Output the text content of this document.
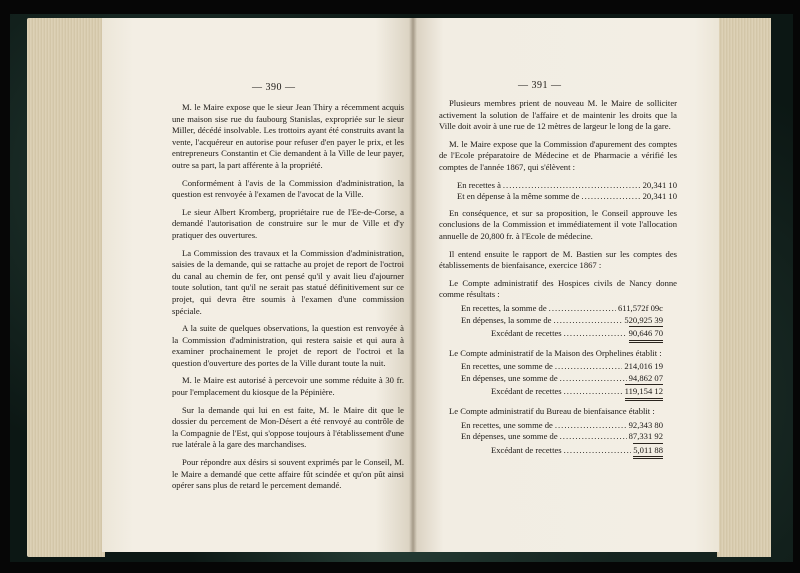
— 390 —

M. le Maire expose que le sieur Jean Thiry a récemment acquis une maison sise rue du faubourg Stanislas, expropriée sur le sieur Miller, décédé insolvable. Les trottoirs ayant été construits avant la vente, l'acquéreur en autorise pour refuser d'en payer le prix, et les entrepreneurs Constantin et Cie demandent à la Ville de leur payer, outre sa part, la part afférente à la propriété.

Conformément à l'avis de la Commission d'administration, la question est renvoyée à l'examen de l'avocat de la Ville.

Le sieur Albert Kromberg, propriétaire rue de l'Ee-de-Corse, a demandé l'autorisation de construire sur le mur de Ville et d'y pratiquer des ouvertures.

La Commission des travaux et la Commission d'administration, saisies de la demande, qui se rattache au projet de report de l'octroi du canal au chemin de fer, ont pensé qu'il y avait lieu d'ajourner toute solution, tant qu'il ne serait pas statué définitivement sur ce projet, qui devra être soumis à l'examen d'une commission spéciale.

A la suite de quelques observations, la question est renvoyée à la Commission d'administration, qui restera saisie et qui aura à examiner prochainement le projet de report de l'octroi et la question d'ouverture des portes de la Ville durant toute la nuit.

M. le Maire est autorisé à percevoir une somme réduite à 30 fr. pour l'emplacement du kiosque de la Pépinière.

Sur la demande qui lui en est faite, M. le Maire dit que le dossier du percement de Mon-Désert a été renvoyé au contrôle de la Compagnie de l'Est, qui s'oppose toujours à l'établissement d'une rue latérale à la gare des marchandises.

Pour répondre aux désirs si souvent exprimés par le Conseil, M. le Maire a demandé que cette affaire fût scindée et qu'on pût ainsi opérer sans plus de retard le percement demandé.

— 391 —

Plusieurs membres prient de nouveau M. le Maire de solliciter activement la solution de l'affaire et de maintenir les droits que la Ville doit avoir à une rue de 12 mètres de largeur le long de la gare.

M. le Maire expose que la Commission d'apurement des comptes de l'Ecole préparatoire de Médecine et de Pharmacie a vérifié les comptes de l'année 1867, qui s'élèvent :

En recettes à .....	20,341 10
Et en dépense à la même somme de .....	20,341 10

En conséquence, et sur sa proposition, le Conseil approuve les conclusions de la Commission et immédiatement il vote l'allocation annuelle de 20,800 fr. à l'Ecole de médecine.

Il entend ensuite le rapport de M. Bastien sur les comptes des établissements de bienfaisance, exercice 1867 :

Le Compte administratif des Hospices civils de Nancy donne comme résultats :

En recettes, la somme de .....	611,572f 09c
En dépenses, la somme de .....	520,925 39
Excédant de recettes .....	90,646 70

Le Compte administratif de la Maison des Orphelines établit :

En recettes, une somme de .....	214,016 19
En dépenses, une somme de .....	94,862 07
Excédant de recettes .....	119,154 12

Le Compte administratif du Bureau de bienfaisance établit :

En recettes, une somme de .....	92,343 80
En dépenses, une somme de .....	87,331 92
Excédant de recettes .....	5,011 88
